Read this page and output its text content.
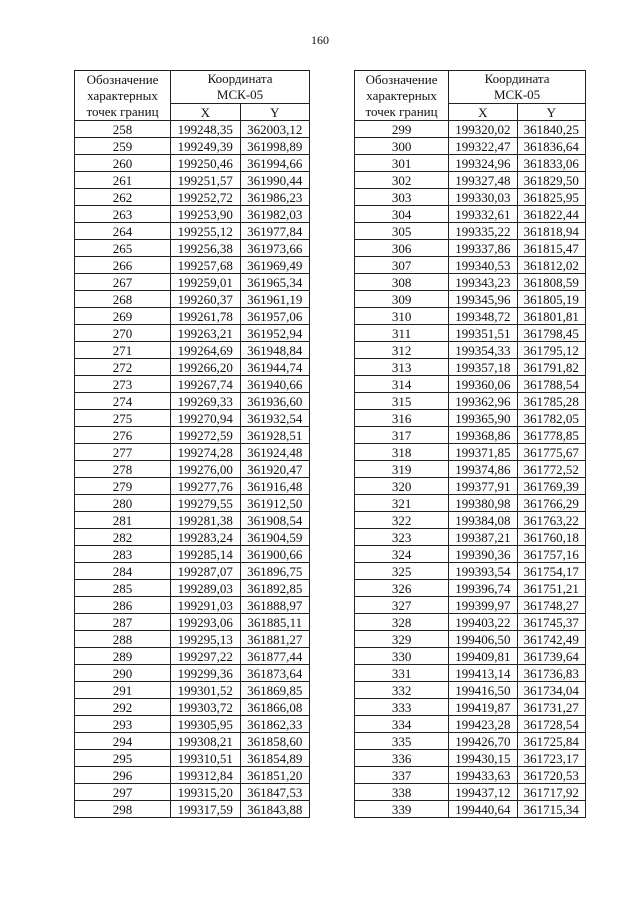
160
Обозначение
характерных
точек границ	Координата
МСК-05	
	X	Y
258	199248,35	362003,12
259	199249,39	361998,89
260	199250,46	361994,66
261	199251,57	361990,44
262	199252,72	361986,23
263	199253,90	361982,03
264	199255,12	361977,84
265	199256,38	361973,66
266	199257,68	361969,49
267	199259,01	361965,34
268	199260,37	361961,19
269	199261,78	361957,06
270	199263,21	361952,94
271	199264,69	361948,84
272	199266,20	361944,74
273	199267,74	361940,66
274	199269,33	361936,60
275	199270,94	361932,54
276	199272,59	361928,51
277	199274,28	361924,48
278	199276,00	361920,47
279	199277,76	361916,48
280	199279,55	361912,50
281	199281,38	361908,54
282	199283,24	361904,59
283	199285,14	361900,66
284	199287,07	361896,75
285	199289,03	361892,85
286	199291,03	361888,97
287	199293,06	361885,11
288	199295,13	361881,27
289	199297,22	361877,44
290	199299,36	361873,64
291	199301,52	361869,85
292	199303,72	361866,08
293	199305,95	361862,33
294	199308,21	361858,60
295	199310,51	361854,89
296	199312,84	361851,20
297	199315,20	361847,53
298	199317,59	361843,88
Обозначение
характерных
точек границ	Координата
МСК-05	
	X	Y
299	199320,02	361840,25
300	199322,47	361836,64
301	199324,96	361833,06
302	199327,48	361829,50
303	199330,03	361825,95
304	199332,61	361822,44
305	199335,22	361818,94
306	199337,86	361815,47
307	199340,53	361812,02
308	199343,23	361808,59
309	199345,96	361805,19
310	199348,72	361801,81
311	199351,51	361798,45
312	199354,33	361795,12
313	199357,18	361791,82
314	199360,06	361788,54
315	199362,96	361785,28
316	199365,90	361782,05
317	199368,86	361778,85
318	199371,85	361775,67
319	199374,86	361772,52
320	199377,91	361769,39
321	199380,98	361766,29
322	199384,08	361763,22
323	199387,21	361760,18
324	199390,36	361757,16
325	199393,54	361754,17
326	199396,74	361751,21
327	199399,97	361748,27
328	199403,22	361745,37
329	199406,50	361742,49
330	199409,81	361739,64
331	199413,14	361736,83
332	199416,50	361734,04
333	199419,87	361731,27
334	199423,28	361728,54
335	199426,70	361725,84
336	199430,15	361723,17
337	199433,63	361720,53
338	199437,12	361717,92
339	199440,64	361715,34
